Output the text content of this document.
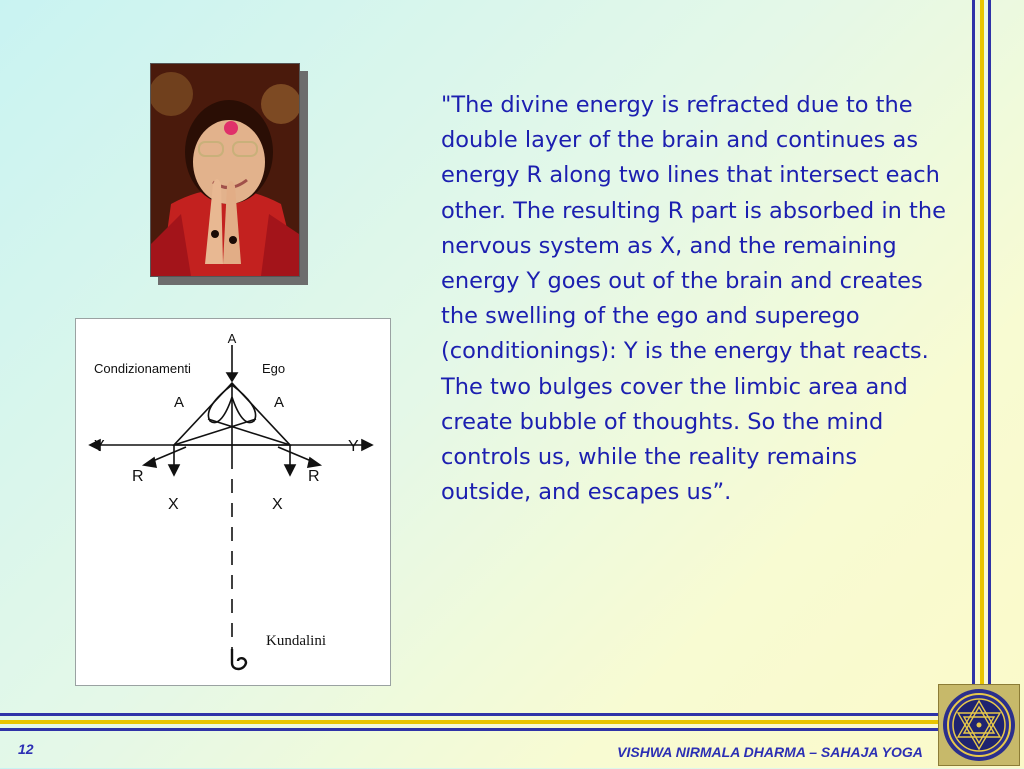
A
Condizionamenti	Ego
A	A
Y	Y
R	R
X	X
Kundalini

"The divine energy is refracted due to the double layer of the brain and continues as energy R along two lines that intersect each other. The resulting R part is absorbed in the nervous system as X, and the remaining energy Y goes out of the brain and creates the swelling of the ego and superego (conditionings): Y is the energy that reacts. The two bulges cover the limbic area and create bubble of thoughts. So the mind controls us, while the reality remains outside, and escapes us”.

12	VISHWA NIRMALA DHARMA – SAHAJA YOGA
